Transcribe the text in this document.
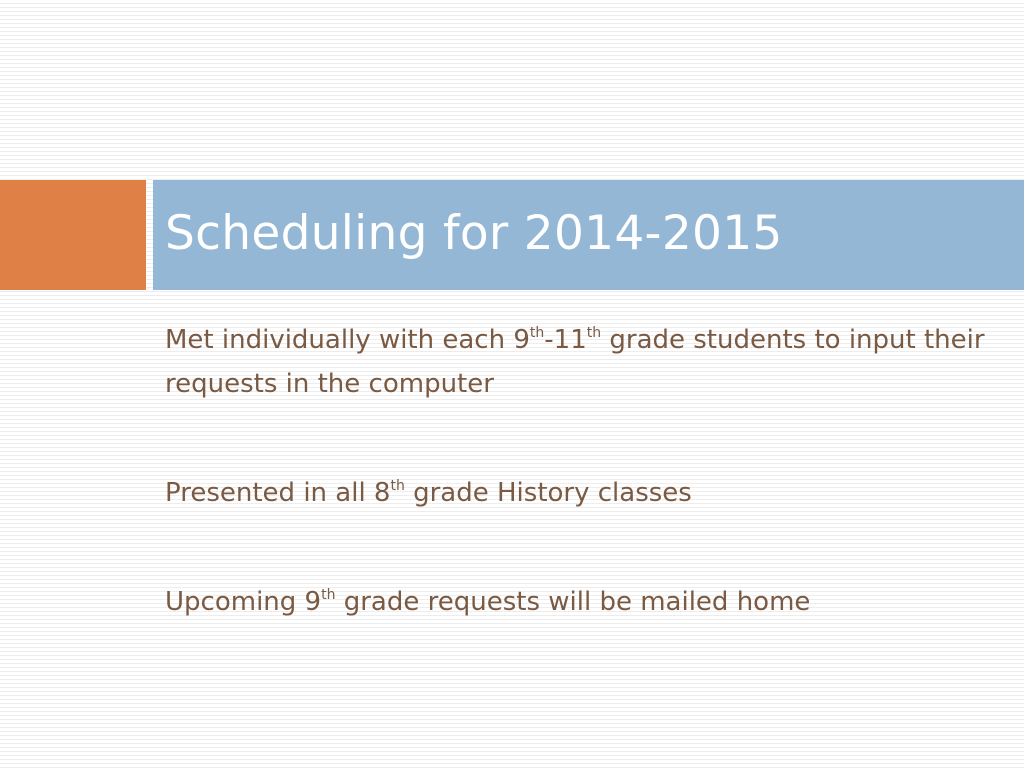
Scheduling for 2014-2015
Met individually with each 9th-11th grade students to input their requests in the computer
Presented in all 8th grade History classes
Upcoming 9th grade requests will be mailed home
